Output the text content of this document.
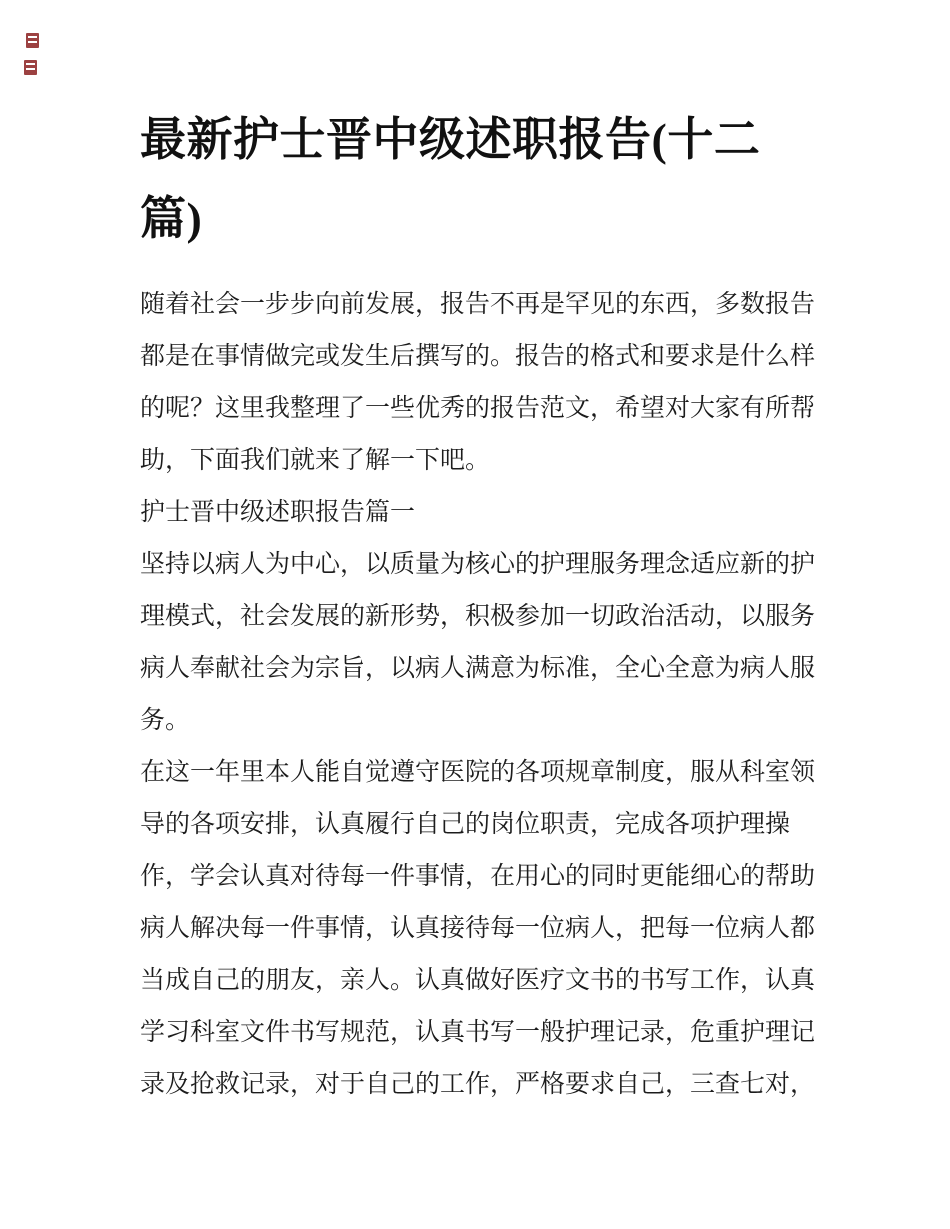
最新护士晋中级述职报告(十二
篇)
随着社会一步步向前发展，报告不再是罕见的东西，多数报告
都是在事情做完或发生后撰写的。报告的格式和要求是什么样
的呢？这里我整理了一些优秀的报告范文，希望对大家有所帮
助，下面我们就来了解一下吧。
护士晋中级述职报告篇一
坚持以病人为中心，以质量为核心的护理服务理念适应新的护
理模式，社会发展的新形势，积极参加一切政治活动，以服务
病人奉献社会为宗旨，以病人满意为标准，全心全意为病人服
务。
在这一年里本人能自觉遵守医院的各项规章制度，服从科室领
导的各项安排，认真履行自己的岗位职责，完成各项护理操
作，学会认真对待每一件事情，在用心的同时更能细心的帮助
病人解决每一件事情，认真接待每一位病人，把每一位病人都
当成自己的朋友，亲人。认真做好医疗文书的书写工作，认真
学习科室文件书写规范，认真书写一般护理记录，危重护理记
录及抢救记录，对于自己的工作，严格要求自己，三查七对，
